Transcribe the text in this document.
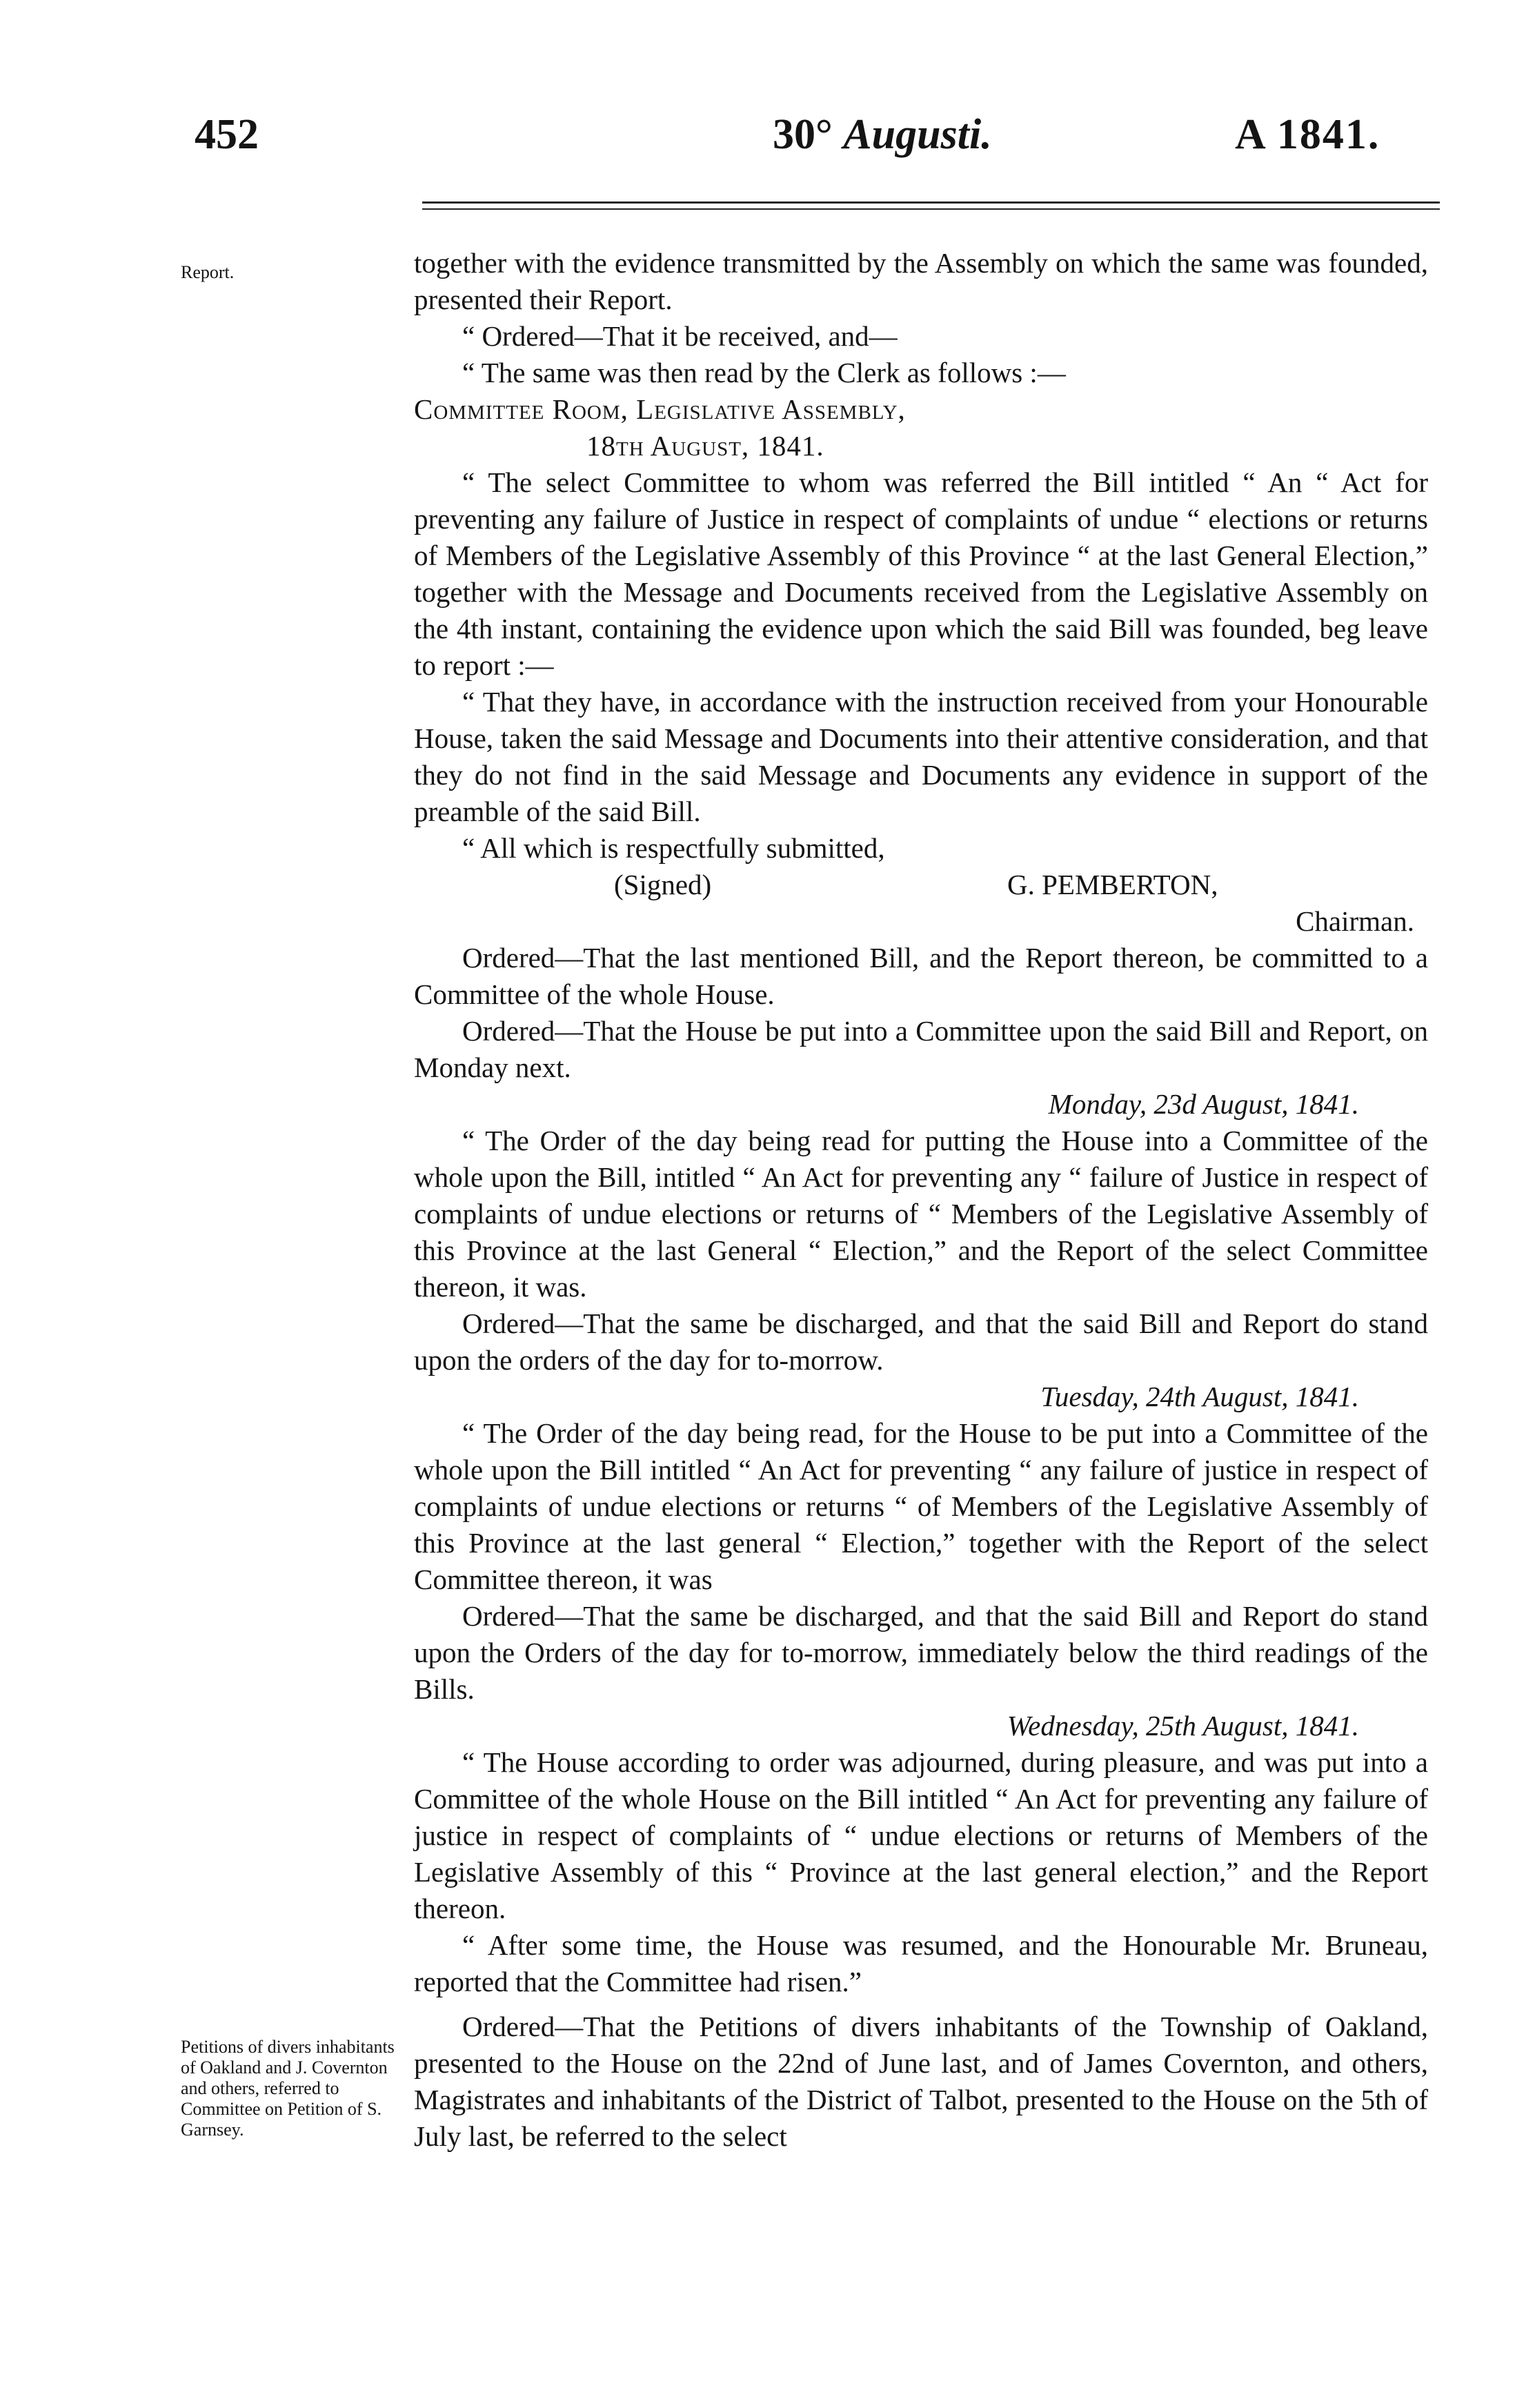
452	30° Augusti.	A 1841.
Report.
Petitions of divers inhabitants of Oakland and J. Covernton and others, referred to Committee on Petition of S. Garnsey.

together with the evidence transmitted by the Assembly on which the same was founded, presented their Report.

“ Ordered—That it be received, and—

“ The same was then read by the Clerk as follows :—

Committee Room, Legislative Assembly,
18th August, 1841.

“ The select Committee to whom was referred the Bill intitled “ An “ Act for preventing any failure of Justice in respect of complaints of undue “ elections or returns of Members of the Legislative Assembly of this Province “ at the last General Election,” together with the Message and Documents received from the Legislative Assembly on the 4th instant, containing the evidence upon which the said Bill was founded, beg leave to report :—

“ That they have, in accordance with the instruction received from your Honourable House, taken the said Message and Documents into their attentive consideration, and that they do not find in the said Message and Documents any evidence in support of the preamble of the said Bill.

“ All which is respectfully submitted,

(Signed)	G. PEMBERTON,

Chairman.

Ordered—That the last mentioned Bill, and the Report thereon, be committed to a Committee of the whole House.

Ordered—That the House be put into a Committee upon the said Bill and Report, on Monday next.

Monday, 23d August, 1841.

“ The Order of the day being read for putting the House into a Committee of the whole upon the Bill, intitled “ An Act for preventing any “ failure of Justice in respect of complaints of undue elections or returns of “ Members of the Legislative Assembly of this Province at the last General “ Election,” and the Report of the select Committee thereon, it was.

Ordered—That the same be discharged, and that the said Bill and Report do stand upon the orders of the day for to-morrow.

Tuesday, 24th August, 1841.

“ The Order of the day being read, for the House to be put into a Committee of the whole upon the Bill intitled “ An Act for preventing “ any failure of justice in respect of complaints of undue elections or returns “ of Members of the Legislative Assembly of this Province at the last general “ Election,” together with the Report of the select Committee thereon, it was

Ordered—That the same be discharged, and that the said Bill and Report do stand upon the Orders of the day for to-morrow, immediately below the third readings of the Bills.

Wednesday, 25th August, 1841.

“ The House according to order was adjourned, during pleasure, and was put into a Committee of the whole House on the Bill intitled “ An Act for preventing any failure of justice in respect of complaints of “ undue elections or returns of Members of the Legislative Assembly of this “ Province at the last general election,” and the Report thereon.

“ After some time, the House was resumed, and the Honourable Mr. Bruneau, reported that the Committee had risen.”

Ordered—That the Petitions of divers inhabitants of the Township of Oakland, presented to the House on the 22nd of June last, and of James Covernton, and others, Magistrates and inhabitants of the District of Talbot, presented to the House on the 5th of July last, be referred to the select
